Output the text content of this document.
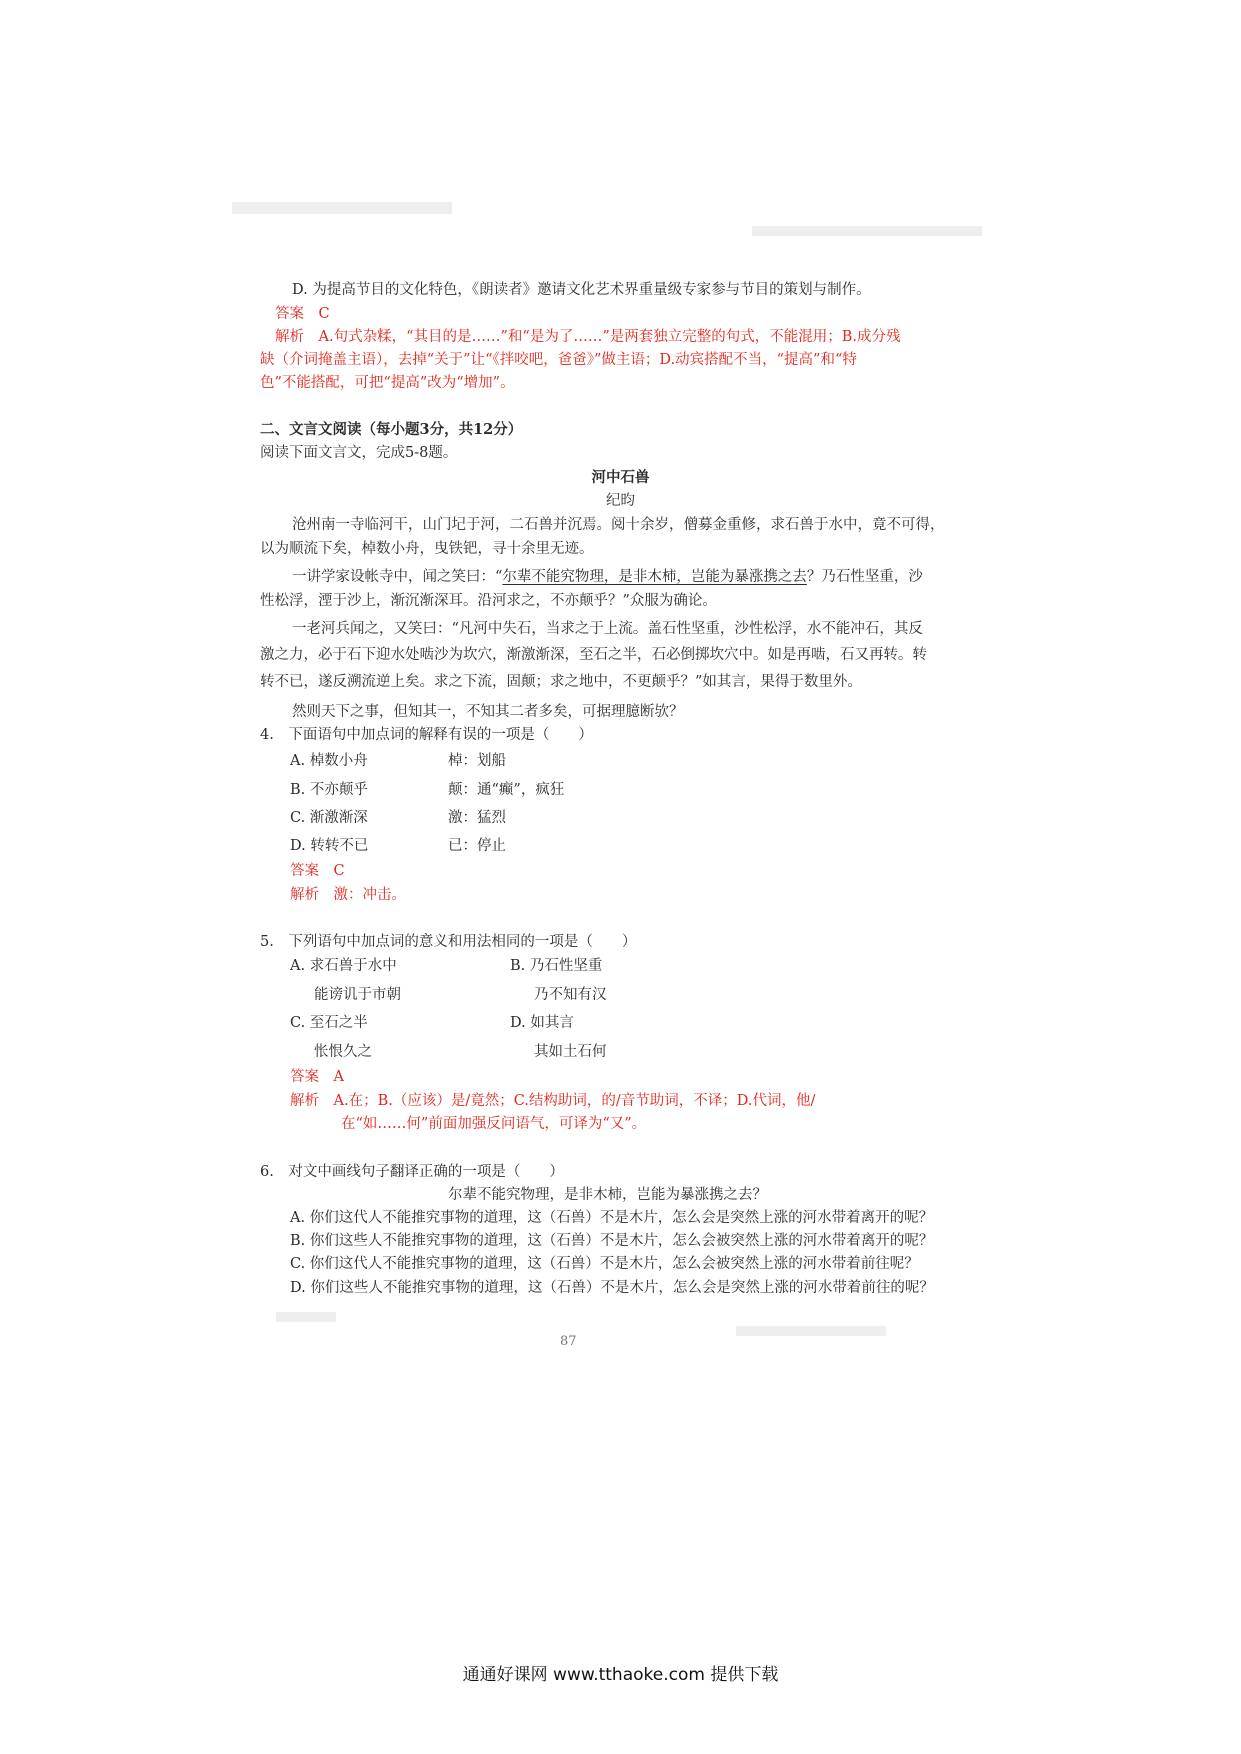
D. 为提高节目的文化特色，《朗读者》邀请文化艺术界重量级专家参与节目的策划与制作。
答案　C
解析　A.句式杂糅，“其目的是……”和“是为了……”是两套独立完整的句式，不能混用；B.成分残
缺（介词掩盖主语），去掉“关于”让“《拌咬吧，爸爸》”做主语；D.动宾搭配不当，“提高”和“特
色”不能搭配，可把“提高”改为“增加”。
二、文言文阅读（每小题3分，共12分）
阅读下面文言文，完成5-8题。
河中石兽
纪昀
沧州南一寺临河干，山门圮于河，二石兽并沉焉。阅十余岁，僧募金重修，求石兽于水中，竟不可得，
以为顺流下矣，棹数小舟，曳铁钯，寻十余里无迹。
一讲学家设帐寺中，闻之笑曰：“尔辈不能究物理，是非木柿，岂能为暴涨携之去？乃石性坚重，沙
性松浮，湮于沙上，渐沉渐深耳。沿河求之，不亦颠乎？”众服为确论。
一老河兵闻之，又笑曰：“凡河中失石，当求之于上流。盖石性坚重，沙性松浮，水不能冲石，其反
激之力，必于石下迎水处啮沙为坎穴，渐激渐深，至石之半，石必倒掷坎穴中。如是再啮，石又再转。转
转不已，遂反溯流逆上矣。求之下流，固颠；求之地中，不更颠乎？”如其言，果得于数里外。
然则天下之事，但知其一，不知其二者多矣，可据理臆断欤？
4.　下面语句中加点词的解释有误的一项是（　　）
A. 棹数小舟	棹：划船
B. 不亦颠乎	颠：通“癫”，疯狂
C. 渐激渐深	激：猛烈
D. 转转不已	已：停止
答案　C
解析　激：冲击。
5.　下列语句中加点词的意义和用法相同的一项是（　　）
A. 求石兽于水中	B. 乃石性坚重
能谤讥于市朝	乃不知有汉
C. 至石之半	D. 如其言
怅恨久之	其如土石何
答案　A
解析　A.在；B.（应该）是/竟然；C.结构助词，的/音节助词，不译；D.代词，他/
在“如……何”前面加强反问语气，可译为“又”。
6.　对文中画线句子翻译正确的一项是（　　）
尔辈不能究物理，是非木柿，岂能为暴涨携之去？
A. 你们这代人不能推究事物的道理，这（石兽）不是木片，怎么会是突然上涨的河水带着离开的呢？
B. 你们这些人不能推究事物的道理，这（石兽）不是木片，怎么会被突然上涨的河水带着离开的呢？
C. 你们这代人不能推究事物的道理，这（石兽）不是木片，怎么会被突然上涨的河水带着前往呢？
D. 你们这些人不能推究事物的道理，这（石兽）不是木片，怎么会是突然上涨的河水带着前往的呢？
87
通通好课网 www.tthaoke.com 提供下载
